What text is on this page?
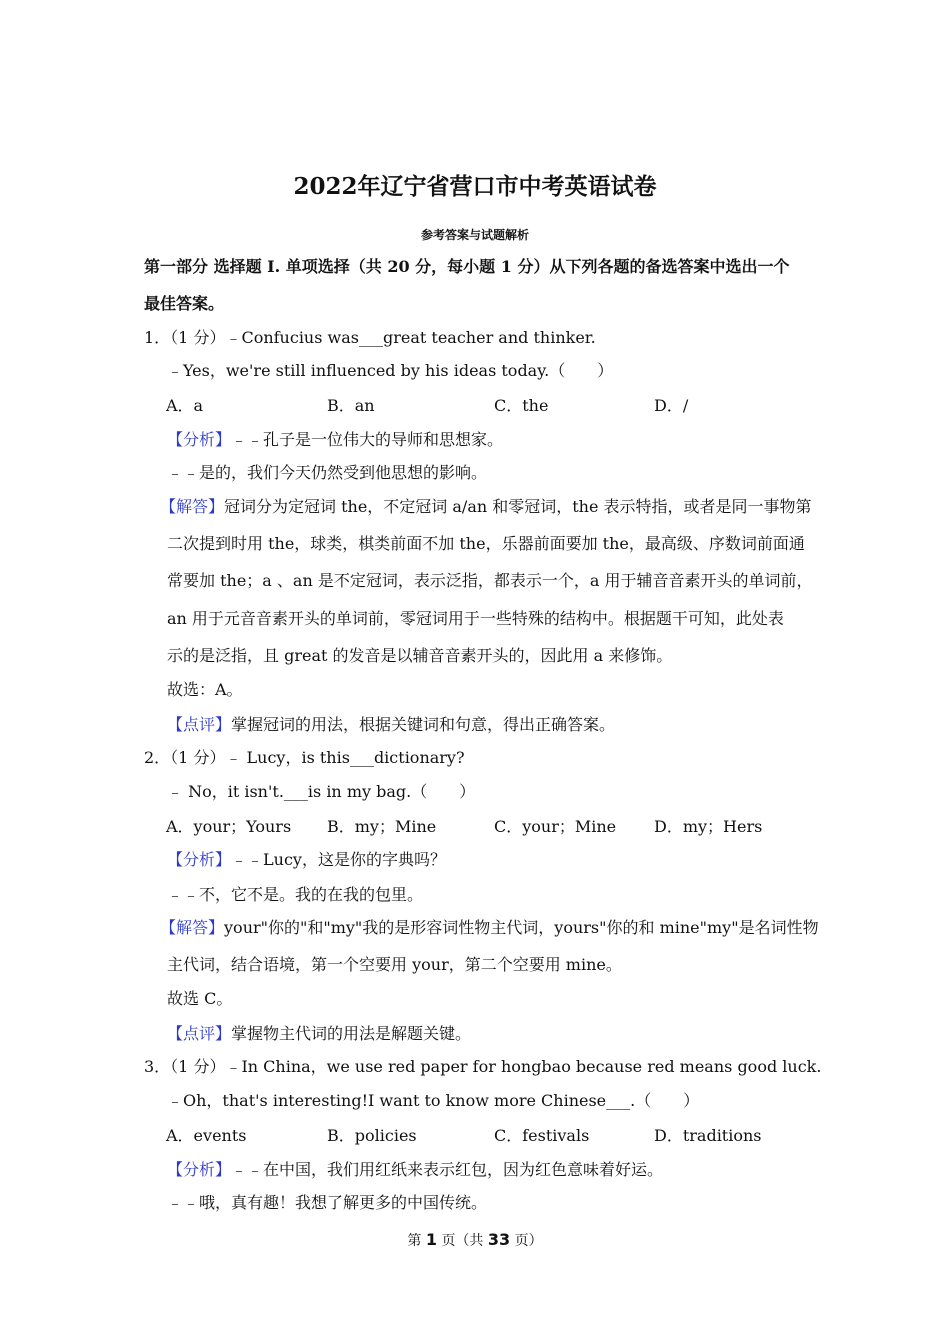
2022年辽宁省营口市中考英语试卷
参考答案与试题解析
第一部分 选择题 I. 单项选择（共 20 分，每小题 1 分）从下列各题的备选答案中选出一个
最佳答案。
1．（1 分）﹣Confucius was___great teacher and thinker.
﹣Yes，we're still influenced by his ideas today.（　　）
A．a	B．an	C．the	D．/
【分析】﹣﹣孔子是一位伟大的导师和思想家。
﹣﹣是的，我们今天仍然受到他思想的影响。
【解答】冠词分为定冠词 the，不定冠词 a/an 和零冠词，the 表示特指，或者是同一事物第
二次提到时用 the，球类，棋类前面不加 the，乐器前面要加 the，最高级、序数词前面通
常要加 the；a 、an 是不定冠词，表示泛指，都表示一个，a 用于辅音音素开头的单词前，
an 用于元音音素开头的单词前，零冠词用于一些特殊的结构中。根据题干可知，此处表
示的是泛指，且 great 的发音是以辅音音素开头的，因此用 a 来修饰。
故选：A。
【点评】掌握冠词的用法，根据关键词和句意，得出正确答案。
2．（1 分）﹣ Lucy，is this___dictionary?
﹣ No，it isn't.___is in my bag.（　　）
A．your；Yours B．my；Mine	C．your；Mine D．my；Hers
【分析】﹣﹣Lucy，这是你的字典吗？
﹣﹣不，它不是。我的在我的包里。
【解答】your"你的"和"my"我的是形容词性物主代词，yours"你的和 mine"my"是名词性物
主代词，结合语境，第一个空要用 your，第二个空要用 mine。
故选 C。
【点评】掌握物主代词的用法是解题关键。
3．（1 分）﹣In China，we use red paper for hongbao because red means good luck.
﹣Oh，that's interesting!I want to know more Chinese___.（　　）
A．events	B．policies	C．festivals	D．traditions
【分析】﹣﹣在中国，我们用红纸来表示红包，因为红色意味着好运。
﹣﹣哦，真有趣！我想了解更多的中国传统。
第 1 页（共 33 页）
